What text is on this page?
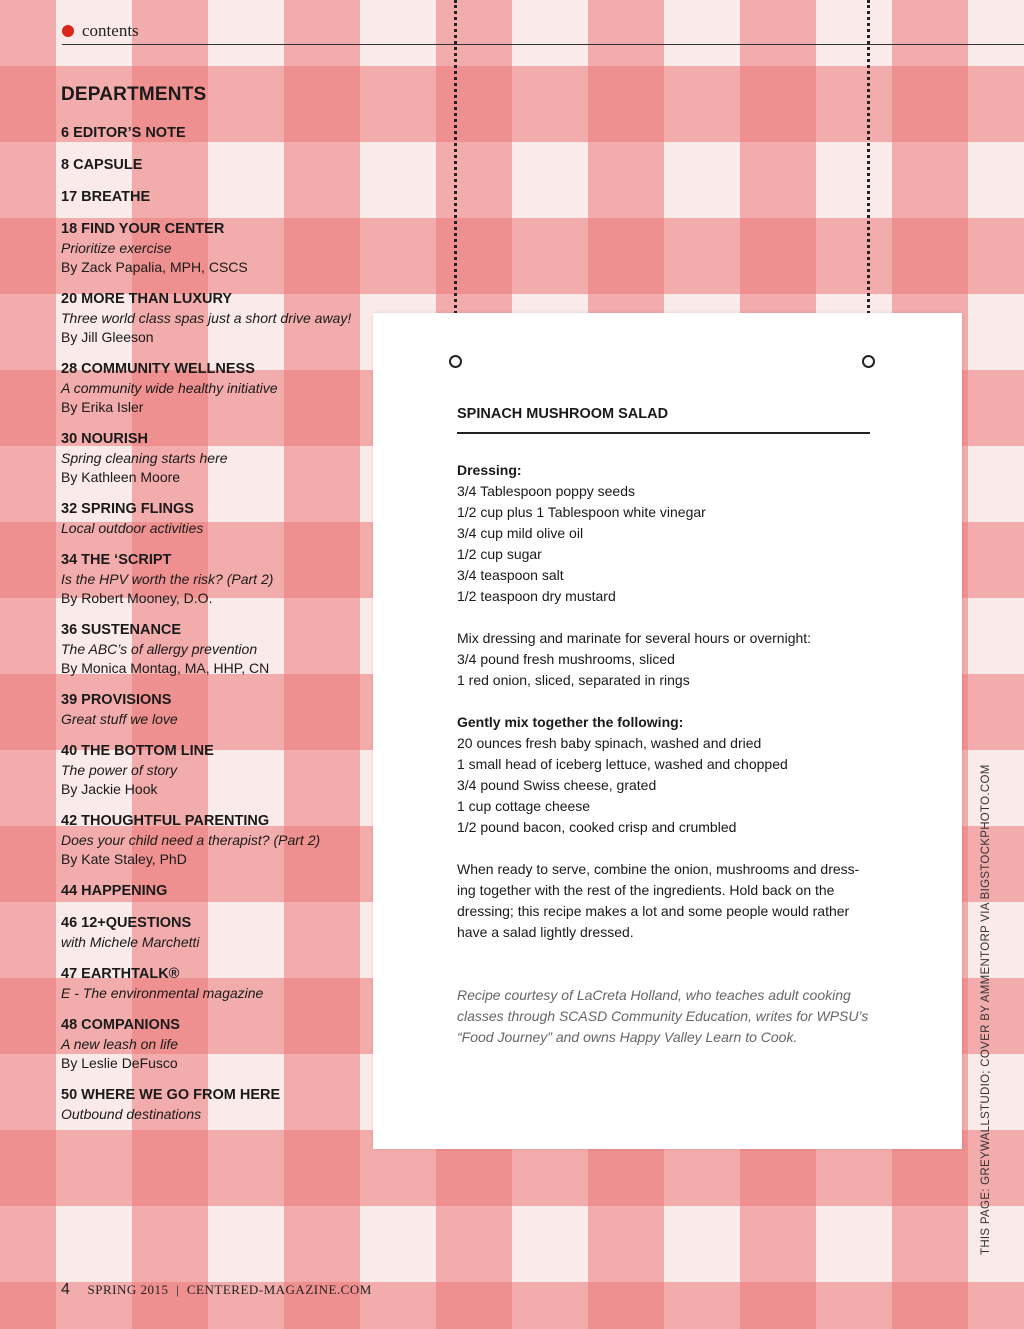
contents
DEPARTMENTS
6 EDITOR’S NOTE
8 CAPSULE
17 BREATHE
18 FIND YOUR CENTER
Prioritize exercise
By Zack Papalia, MPH, CSCS
20 MORE THAN LUXURY
Three world class spas just a short drive away!
By Jill Gleeson
28 COMMUNITY WELLNESS
A community wide healthy initiative
By Erika Isler
30 NOURISH
Spring cleaning starts here
By Kathleen Moore
32 SPRING FLINGS
Local outdoor activities
34 THE ‘SCRIPT
Is the HPV worth the risk? (Part 2)
By Robert Mooney, D.O.
36 SUSTENANCE
The ABC’s of allergy prevention
By Monica Montag, MA, HHP, CN
39 PROVISIONS
Great stuff we love
40 THE BOTTOM LINE
The power of story
By Jackie Hook
42 THOUGHTFUL PARENTING
Does your child need a therapist? (Part 2)
By Kate Staley, PhD
44 HAPPENING
46 12+QUESTIONS
with Michele Marchetti
47 EARTHTALK®
E - The environmental magazine
48 COMPANIONS
A new leash on life
By Leslie DeFusco
50 WHERE WE GO FROM HERE
Outbound destinations
SPINACH MUSHROOM SALAD
Dressing:
3/4 Tablespoon poppy seeds
1/2 cup plus 1 Tablespoon white vinegar
3/4 cup mild olive oil
1/2 cup sugar
3/4 teaspoon salt
1/2 teaspoon dry mustard
Mix dressing and marinate for several hours or overnight:
3/4 pound fresh mushrooms, sliced
1 red onion, sliced, separated in rings
Gently mix together the following:
20 ounces fresh baby spinach, washed and dried
1 small head of iceberg lettuce, washed and chopped
3/4 pound Swiss cheese, grated
1 cup cottage cheese
1/2 pound bacon, cooked crisp and crumbled
When ready to serve, combine the onion, mushrooms and dress-
ing together with the rest of the ingredients. Hold back on the
dressing; this recipe makes a lot and some people would rather
have a salad lightly dressed.
Recipe courtesy of LaCreta Holland, who teaches adult cooking
classes through SCASD Community Education, writes for WPSU’s
“Food Journey” and owns Happy Valley Learn to Cook.	THIS PAGE: GREYWALLSTUDIO; COVER BY AMMENTORP VIA BIGSTOCKPHOTO.COM
4 SPRING 2015 | CENTERED-MAGAZINE.COM
